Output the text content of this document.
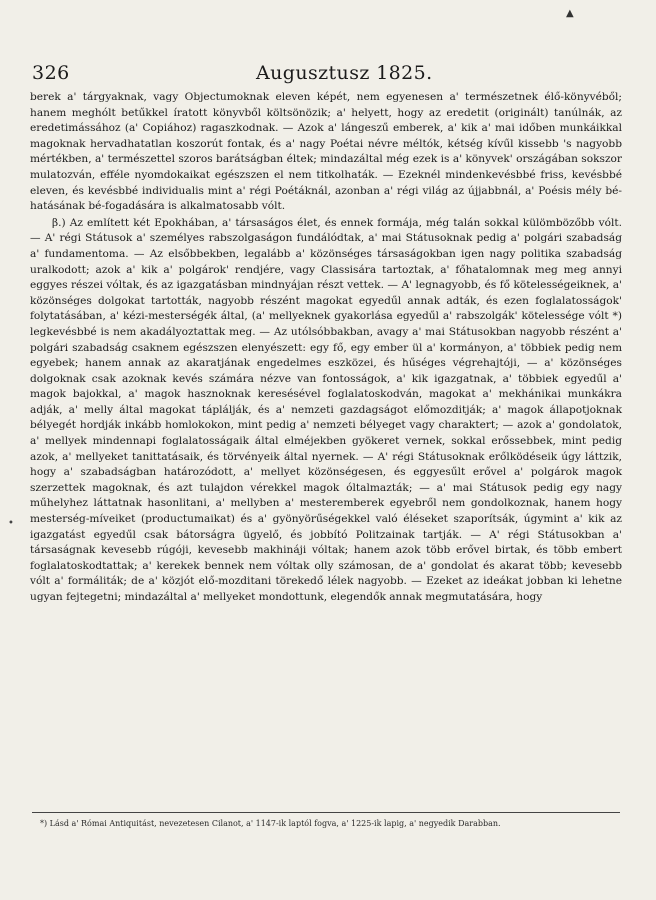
▲
326	Augusztusz 1825.

berek a' tárgyaknak, vagy Objectumoknak eleven képét, nem egyenesen a' természetnek élő-könyvéből; hanem meghólt betűkkel íratott könyvből költsönözik; a' helyett, hogy az eredetit (originált) tanúlnák, az eredetimássához (a' Copiához) ragaszkodnak. — Azok a' lángeszű emberek, a' kik a' mai időben munkáikkal magoknak hervadhatatlan koszorút fontak, és a' nagy Poétai névre méltók, kétség kívűl kissebb 's nagyobb mértékben, a' természettel szoros barátságban éltek; mindazáltal még ezek is a' könyvek' országában sokszor mulatozván, efféle nyomdokaikat egészszen el nem titkolhaták. — Ezeknél mindenkevésbbé friss, kevésbbé eleven, és kevésbbé individualis mint a' régi Poétáknál, azonban a' régi világ az újjabbnál, a' Poésis mély bé-hatásának bé-fogadására is alkalmatosabb vólt.

β.) Az említett két Epokhában, a' társaságos élet, és ennek formája, még talán sokkal külömbözőbb vólt. — A' régi Státusok a' személyes rabszolgaságon fundálódtak, a' mai Státusoknak pedig a' polgári szabadság a' fundamentoma. — Az elsőbbekben, legalább a' közönséges társaságokban igen nagy politika szabadság uralkodott; azok a' kik a' polgárok' rendjére, vagy Classisára tartoztak, a' főhatalomnak meg meg annyi eggyes részei vóltak, és az igazgatásban mindnyájan részt vettek. — A' legnagyobb, és fő kötelességeiknek, a' közönséges dolgokat tartották, nagyobb részént magokat egyedűl annak adták, és ezen foglalatosságok' folytatásában, a' kézi-mesterségék által, (a' mellyeknek gyakorlása egyedűl a' rabszolgák' kötelessége vólt *) legkevésbbé is nem akadályoztattak meg. — Az utólsóbbakban, avagy a' mai Státusokban nagyobb részént a' polgári szabadság csaknem egészszen elenyészett: egy fő, egy ember ül a' kormányon, a' többiek pedig nem egyebek; hanem annak az akaratjának engedelmes eszközei, és hűséges végrehajtóji, — a' közönséges dolgoknak csak azoknak kevés számára nézve van fontosságok, a' kik igazgatnak, a' többiek egyedűl a' magok bajokkal, a' magok hasznoknak keresésével foglalatoskodván, magokat a' mekhánikai munkákra adják, a' melly által magokat táplálják, és a' nemzeti gazdagságot előmozditják; a' magok állapotjoknak bélyegét hordják inkább homlokokon, mint pedig a' nemzeti bélyeget vagy charaktert; — azok a' gondolatok, a' mellyek mindennapi foglalatosságaik által elméjekben gyökeret vernek, sokkal erőssebbek, mint pedig azok, a' mellyeket tanittatásaik, és törvényeik által nyernek. — A' régi Státusoknak erőlködéseik úgy láttzik, hogy a' szabadságban határozódott, a' mellyet közönségesen, és eggyesűlt erővel a' polgárok magok szerzettek magoknak, és azt tulajdon vérekkel magok óltalmazták; — a' mai Státusok pedig egy nagy műhelyhez láttatnak hasonlitani, a' mellyben a' mesteremberek egyebről nem gondolkoznak, hanem hogy mesterség-míveiket (productumaikat) és a' gyönyörűségekkel való éléseket szaporítsák, úgymint a' kik az igazgatást egyedűl csak bátorságra ügyelő, és jobbító Politzainak tartják. — A' régi Státusokban a' társaságnak kevesebb rúgóji, kevesebb makhináji vóltak; hanem azok több erővel birtak, és több embert foglalatoskodtattak; a' kerekek bennek nem vóltak olly számosan, de a' gondolat és akarat több; kevesebb vólt a' formáliták; de a' közjót elő-mozditani törekedő lélek nagyobb. — Ezeket az ideákat jobban ki lehetne ugyan fejtegetni; mindazáltal a' mellyeket mondottunk, elegendők annak megmutatására, hogy

•
*) Lásd a' Római Antiquitást, nevezetesen Cilanot, a' 1147-ik laptól fogva, a' 1225-ik lapig, a' negyedik Darabban.
